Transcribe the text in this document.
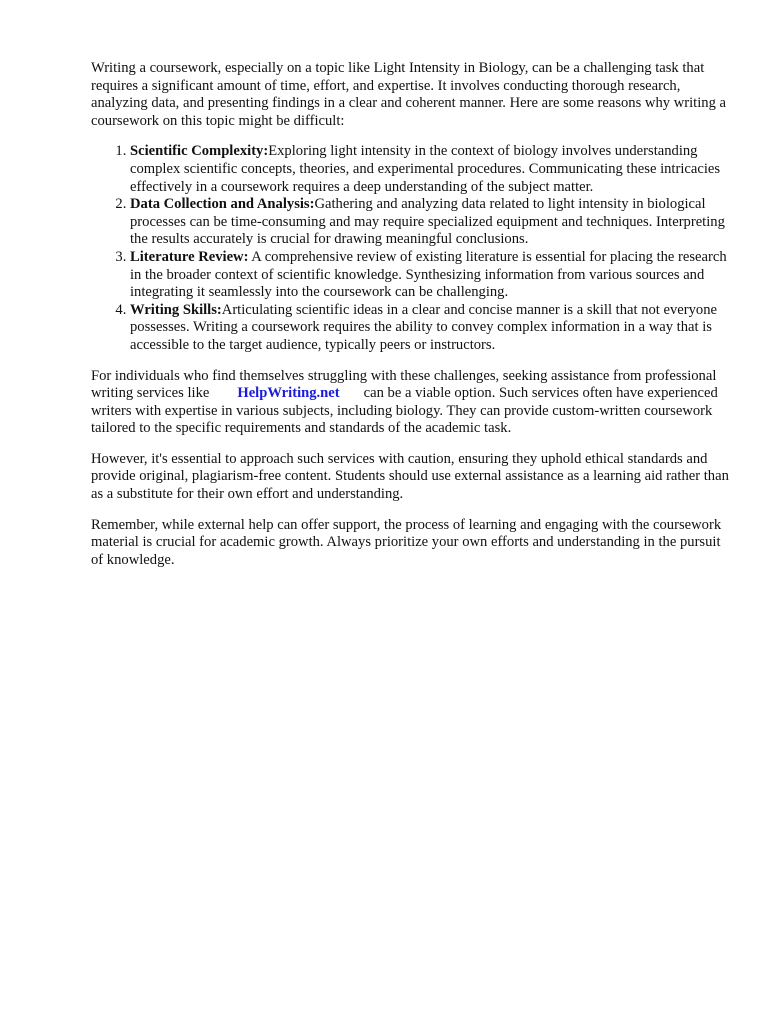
Writing a coursework, especially on a topic like Light Intensity in Biology, can be a challenging task that requires a significant amount of time, effort, and expertise. It involves conducting thorough research, analyzing data, and presenting findings in a clear and coherent manner. Here are some reasons why writing a coursework on this topic might be difficult:

1. Scientific Complexity:Exploring light intensity in the context of biology involves understanding complex scientific concepts, theories, and experimental procedures. Communicating these intricacies effectively in a coursework requires a deep understanding of the subject matter.
2. Data Collection and Analysis:Gathering and analyzing data related to light intensity in biological processes can be time-consuming and may require specialized equipment and techniques. Interpreting the results accurately is crucial for drawing meaningful conclusions.
3. Literature Review: A comprehensive review of existing literature is essential for placing the research in the broader context of scientific knowledge. Synthesizing information from various sources and integrating it seamlessly into the coursework can be challenging.
4. Writing Skills:Articulating scientific ideas in a clear and concise manner is a skill that not everyone possesses. Writing a coursework requires the ability to convey complex information in a way that is accessible to the target audience, typically peers or instructors.

For individuals who find themselves struggling with these challenges, seeking assistance from professional writing services like HelpWriting.net can be a viable option. Such services often have experienced writers with expertise in various subjects, including biology. They can provide custom-written coursework tailored to the specific requirements and standards of the academic task.

However, it's essential to approach such services with caution, ensuring they uphold ethical standards and provide original, plagiarism-free content. Students should use external assistance as a learning aid rather than as a substitute for their own effort and understanding.

Remember, while external help can offer support, the process of learning and engaging with the coursework material is crucial for academic growth. Always prioritize your own efforts and understanding in the pursuit of knowledge.
